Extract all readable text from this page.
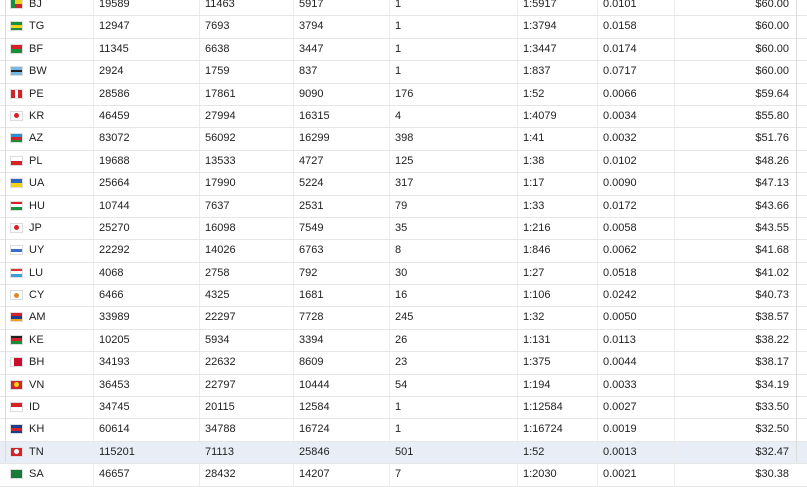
BJ	19589	11463	5917	1	1:5917	0.0101	$60.00
TG	12947	7693	3794	1	1:3794	0.0158	$60.00
BF	11345	6638	3447	1	1:3447	0.0174	$60.00
BW	2924	1759	837	1	1:837	0.0717	$60.00
PE	28586	17861	9090	176	1:52	0.0066	$59.64
KR	46459	27994	16315	4	1:4079	0.0034	$55.80
AZ	83072	56092	16299	398	1:41	0.0032	$51.76
PL	19688	13533	4727	125	1:38	0.0102	$48.26
UA	25664	17990	5224	317	1:17	0.0090	$47.13
HU	10744	7637	2531	79	1:33	0.0172	$43.66
JP	25270	16098	7549	35	1:216	0.0058	$43.55
UY	22292	14026	6763	8	1:846	0.0062	$41.68
LU	4068	2758	792	30	1:27	0.0518	$41.02
CY	6466	4325	1681	16	1:106	0.0242	$40.73
AM	33989	22297	7728	245	1:32	0.0050	$38.57
KE	10205	5934	3394	26	1:131	0.0113	$38.22
BH	34193	22632	8609	23	1:375	0.0044	$38.17
VN	36453	22797	10444	54	1:194	0.0033	$34.19
ID	34745	20115	12584	1	1:12584	0.0027	$33.50
KH	60614	34788	16724	1	1:16724	0.0019	$32.50
TN	115201	71113	25846	501	1:52	0.0013	$32.47
SA	46657	28432	14207	7	1:2030	0.0021	$30.38
